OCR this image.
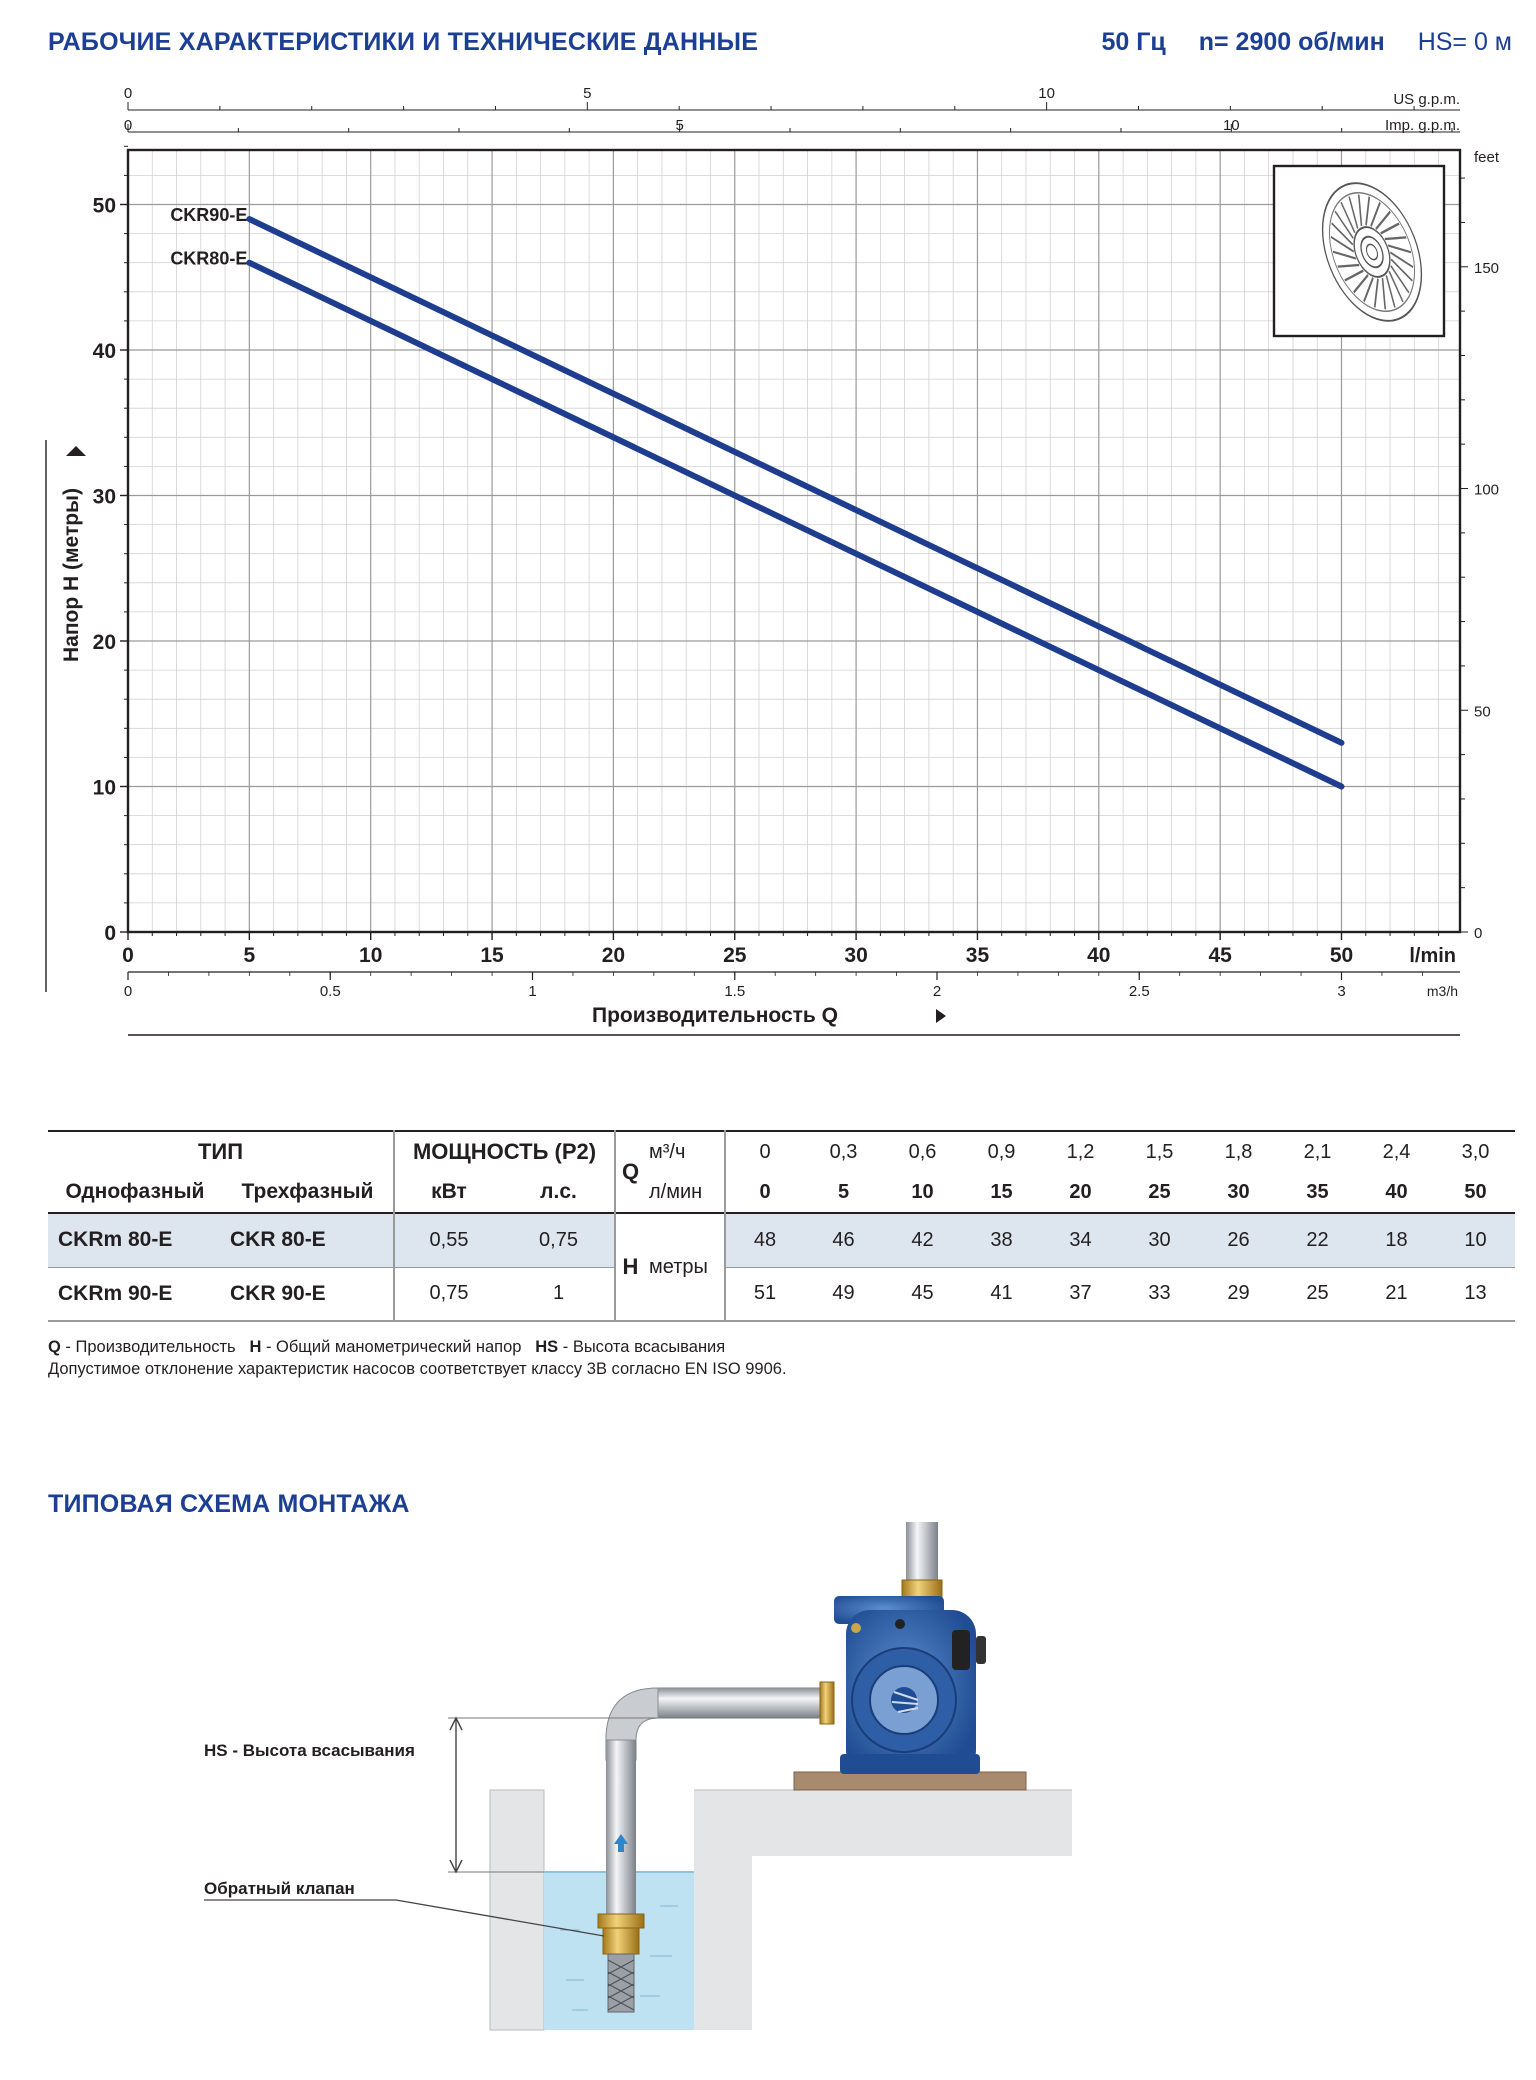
РАБОЧИЕ ХАРАКТЕРИСТИКИ И ТЕХНИЧЕСКИЕ ДАННЫЕ	50 Гц n= 2900 об/мин HS= 0 м
0	5	10	15	20	25	30	35	40	45	50	l/min
0	0.5	1	1.5	2	2.5	3	m3/h
0	5	10
0	5	10
US g.p.m.
Imp. g.p.m.
0
10
20
30
40
50
0
50
100
150
feet
CKR90-E
CKR80-E
Напор H (метры)
Производительность Q
ТИП		МОЩНОСТЬ (P2)		Q	м³/ч	0	0,3	0,6	0,9	1,2	1,5	1,8	2,1	2,4	3,0
Однофазный	Трехфазный	кВт	л.с.		л/мин	0	5	10	15	20	25	30	35	40	50
CKRm 80-E	CKR 80-E	0,55	0,75	H	метры	48	46	42	38	34	30	26	22	18	10
CKRm 90-E	CKR 90-E	0,75	1			51	49	45	41	37	33	29	25	21	13
Q - Производительность H - Общий манометрический напор HS - Высота всасывания
Допустимое отклонение характеристик насосов соответствует классу 3B согласно EN ISO 9906.
ТИПОВАЯ СХЕМА МОНТАЖА
HS - Высота всасывания
Обратный клапан
